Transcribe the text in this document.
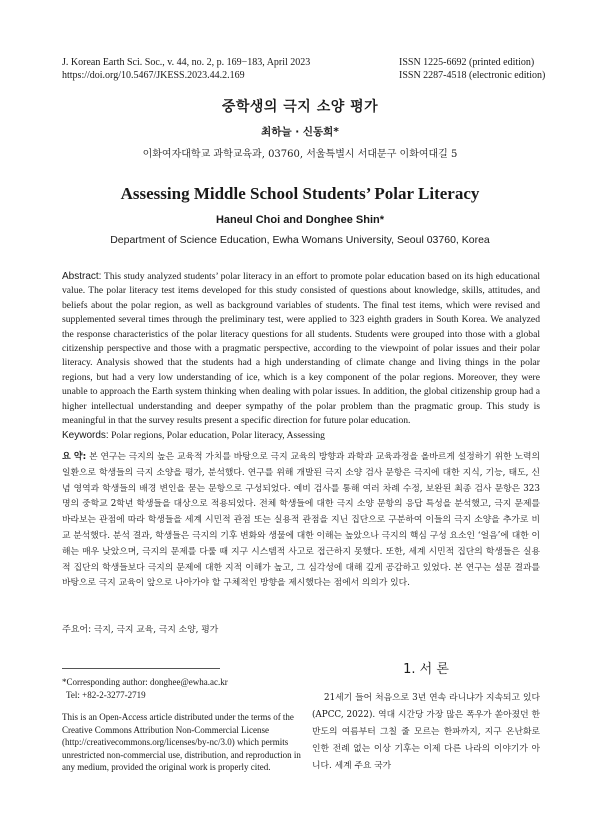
J. Korean Earth Sci. Soc., v. 44, no. 2, p. 169−183, April 2023
https://doi.org/10.5467/JKESS.2023.44.2.169
ISSN 1225-6692 (printed edition)
ISSN 2287-4518 (electronic edition)
중학생의 극지 소양 평가
최하늘 · 신동희*
이화여자대학교 과학교육과, 03760, 서울특별시 서대문구 이화여대길 5
Assessing Middle School Students’ Polar Literacy
Haneul Choi and Donghee Shin*
Department of Science Education, Ewha Womans University, Seoul 03760, Korea
Abstract: This study analyzed students’ polar literacy in an effort to promote polar education based on its high educational value. The polar literacy test items developed for this study consisted of questions about knowledge, skills, attitudes, and beliefs about the polar region, as well as background variables of students. The final test items, which were revised and supplemented several times through the preliminary test, were applied to 323 eighth graders in South Korea. We analyzed the response characteristics of the polar literacy questions for all students. Students were grouped into those with a global citizenship perspective and those with a pragmatic perspective, according to the viewpoint of polar issues and their polar literacy. Analysis showed that the students had a high understanding of climate change and living things in the polar regions, but had a very low understanding of ice, which is a key component of the polar regions. Moreover, they were unable to approach the Earth system thinking when dealing with polar issues. In addition, the global citizenship group had a higher intellectual understanding and deeper sympathy of the polar problem than the pragmatic group. This study is meaningful in that the survey results present a specific direction for future polar education.
Keywords: Polar regions, Polar education, Polar literacy, Assessing
요 약: 본 연구는 극지의 높은 교육적 가치를 바탕으로 극지 교육의 방향과 과학과 교육과정을 올바르게 설정하기 위한 노력의 일환으로 학생들의 극지 소양을 평가, 분석했다. 연구를 위해 개발된 극지 소양 검사 문항은 극지에 대한 지식, 기능, 태도, 신념 영역과 학생들의 배경 변인을 묻는 문항으로 구성되었다. 예비 검사를 통해 여러 차례 수정, 보완된 최종 검사 문항은 323명의 중학교 2학년 학생들을 대상으로 적용되었다. 전체 학생들에 대한 극지 소양 문항의 응답 특성을 분석했고, 극지 문제를 바라보는 관점에 따라 학생들을 세계 시민적 관점 또는 실용적 관점을 지닌 집단으로 구분하여 이들의 극지 소양을 추가로 비교 분석했다. 분석 결과, 학생들은 극지의 기후 변화와 생물에 대한 이해는 높았으나 극지의 핵심 구성 요소인 ‘얼음’에 대한 이해는 매우 낮았으며, 극지의 문제를 다룰 때 지구 시스템적 사고로 접근하지 못했다. 또한, 세계 시민적 집단의 학생들은 실용적 집단의 학생들보다 극지의 문제에 대한 지적 이해가 높고, 그 심각성에 대해 깊게 공감하고 있었다. 본 연구는 설문 결과를 바탕으로 극지 교육이 앞으로 나아가야 할 구체적인 방향을 제시했다는 점에서 의의가 있다.
주요어: 극지, 극지 교육, 극지 소양, 평가
*Corresponding author: donghee@ewha.ac.kr
Tel: +82-2-3277-2719
This is an Open-Access article distributed under the terms of the Creative Commons Attribution Non-Commercial License (http://creativecommons.org/licenses/by-nc/3.0) which permits unrestricted non-commercial use, distribution, and reproduction in any medium, provided the original work is properly cited.
1. 서 론
21세기 들어 처음으로 3년 연속 라니냐가 지속되고 있다(APCC, 2022). 역대 시간당 가장 많은 폭우가 쏟아졌던 한반도의 여름부터 그칠 줄 모르는 한파까지, 지구 온난화로 인한 전례 없는 이상 기후는 이제 다른 나라의 이야기가 아니다. 세계 주요 국가
